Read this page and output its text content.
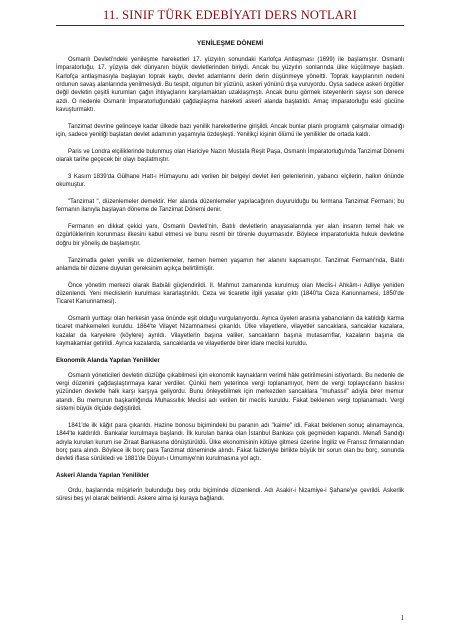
11. SINIF TÜRK EDEBİYATI DERS NOTLARI
YENİLEŞME DÖNEMİ
Osmanlı Devleti'ndeki yenileşme hareketleri 17. yüzyılın sonundaki Karlofça Antlaşması (1699) ile başlamıştır. Osmanlı İmparatorluğu, 17. yüzyıla dek dünyanın büyük devletlerinden biriydi. Ancak bu yüzyılın sonlarında ülke küçülmeye başladı. Karlofça antlaşmasıyla başlayan toprak kaybı, devlet adamlarını derin derin düşünmeye yöneltti. Toprak kayıplarının nedeni ordunun savaş alanlarında yenilmesiydi. Bu tespit, olgunun bir yüzünü, askeri yönünü dışa vuruyordu. Oysa sadece askeri örgütler değil devletin çeşitli kurumları çağın ihtiyaçlarını karşılamaktan uzaklaşmıştı. Ancak bunu görmek isteyenlerin sayısı son derece azdı. O nedenle Osmanlı İmparatorluğundaki çağdaşlaşma hareketi askerî alanda başlatıldı. Amaç imparatorluğu eski gücüne kavuşturmaktı.
Tanzimat devrine gelinceye kadar ülkede bazı yenilik hareketlerine girişildi. Ancak bunlar planlı programlı çalışmalar olmadığı için, sadece yeniliği başlatan devlet adamının yaşamıyla özdeşleşti. Yenilikçi kişinin ölümü ile yenilikler de ortada kaldı.
Paris ve Londra elçiliklerinde bulunmuş olan Hariciye Nazırı Mustafa Reşit Paşa, Osmanlı İmparatorluğu'nda Tanzimat Dönemi olarak tarihe geçecek bir olayı başlatmıştır.
3 Kasım 1839'da Gülhane Hatt-ı Hümayunu adı verilen bir belgeyi devlet ileri gelenlerinin, yabancı elçilerin, halkın önünde okumuştur.
"Tanzimat ", düzenlemeler demektir. Her alanda düzenlemeler yapılacağının duyurulduğu bu fermana Tanzimat Fermanı; bu fermanın ilanıyla başlayan döneme de Tanzimat Dönemi denir.
Fermanın en dikkat çekici yanı, Osmanlı Devleti'nin, Batılı devletlerin anayasalarında yer alan insanın temel hak ve özgürlüklerinin korunması ilkesini kabul etmesi ve bunu resmî bir törenle duyurmasıdır. Böylece imparatorlukta hukuk devletine doğru bir yöneliş de başlamıştır.
Tanzimatla gelen yenilik ve düzenlemeler, hemen hemen yaşamın her alanını kapsamıştır. Tanzimat Fermanı'nda, Batılı anlamda bir düzene duyulan gereksinim açıkça belirtilmiştir.
Önce yönetim merkezi olarak Babıâli güçlendirildi. II. Mahmut zamanında kurulmuş olan Meclis-i Ahkâm-ı Adliye yeniden düzenlendi. Yeni meclislerin kurulması kararlaştırıldı. Ceza ve ticaretle ilgili yasalar çıktı (1840'ta Ceza Kanunnamesi, 1850'de Ticaret Kanunnamesi).
Osmanlı yurttaşı olan herkesin yasa önünde eşit olduğu vurgulanıyordu. Ayrıca üyeleri arasına yabancıların da katıldığı karma ticaret mahkemeleri kuruldu. 1864'te Vilayet Nizamnamesi çıkarıldı. Ülke vilayetlere, vilayetler sancaklara, sancaklar kazalara, kazalar da karyelere (köylere) ayrıldı. Vilayetlerin başına valiler, sancakların başına mutasarrıflar, kazaların başına da kaymakamlar getirildi. Ayrıca kazalarda, sancaklarda ve vilayetlerde birer idare meclisi kuruldu.
Ekonomik Alanda Yapılan Yenilikler
Osmanlı yöneticileri devletin düzlüğe çıkabilmesi için ekonomik kaynakların verimli hâle getirilmesini istiyorlardı. Bu nedenle de vergi düzenini çağdaşlaştırmaya karar verdiler. Çünkü hem yeterince vergi toplanamıyor, hem de vergi toplayıcıların baskısı yüzünden devletle halk karşı karşıya geliyordu. Bunu önleyebilmek için merkezden sancaklara "muhassıl" adıyla birer memur atandı. Bu memurun başkanlığında Muhassıllık Meclisi adı verilen bir meclis kuruldu. Fakat beklenen vergi toplanamadı. Vergi sistemi büyük ölçüde değiştirildi.
1841'de ilk kâğıt para çıkarıldı. Hazine bonosu biçimindeki bu paranın adı "kaime" idi. Fakat beklenen sonuç alınamayınca, 1844'te kaldırıldı. Bankalar kurulmaya başlandı. İlk kurulan banka olan İstanbul Bankası çok geçmeden kapandı. Menafi Sandığı adıyla kurulan kurum ise Ziraat Bankasına dönüştürüldü. Ülke ekonomisinin kötüye gitmesi üzerine İngiliz ve Fransız firmalarından borç para alındı. Böylece ilk borç para Tanzimat döneminde alındı. Fakat faizleriyle birlikte büyük bir sorun olan bu borç, sonunda devleti iflasa sürükledi ve 1881'de Düyun-ı Umumiye'nin kurulmasına yol açtı.
Askerî Alanda Yapılan Yenilikler
Ordu, başlarında müşirlerin bulunduğu beş ordu biçiminde düzenlendi. Adı Asakir-i Nizamiye-i Şahane'ye çevrildi. Askerlik süresi beş yıl olarak belirlendi. Askere alma işi kuraya bağlandı.
1
